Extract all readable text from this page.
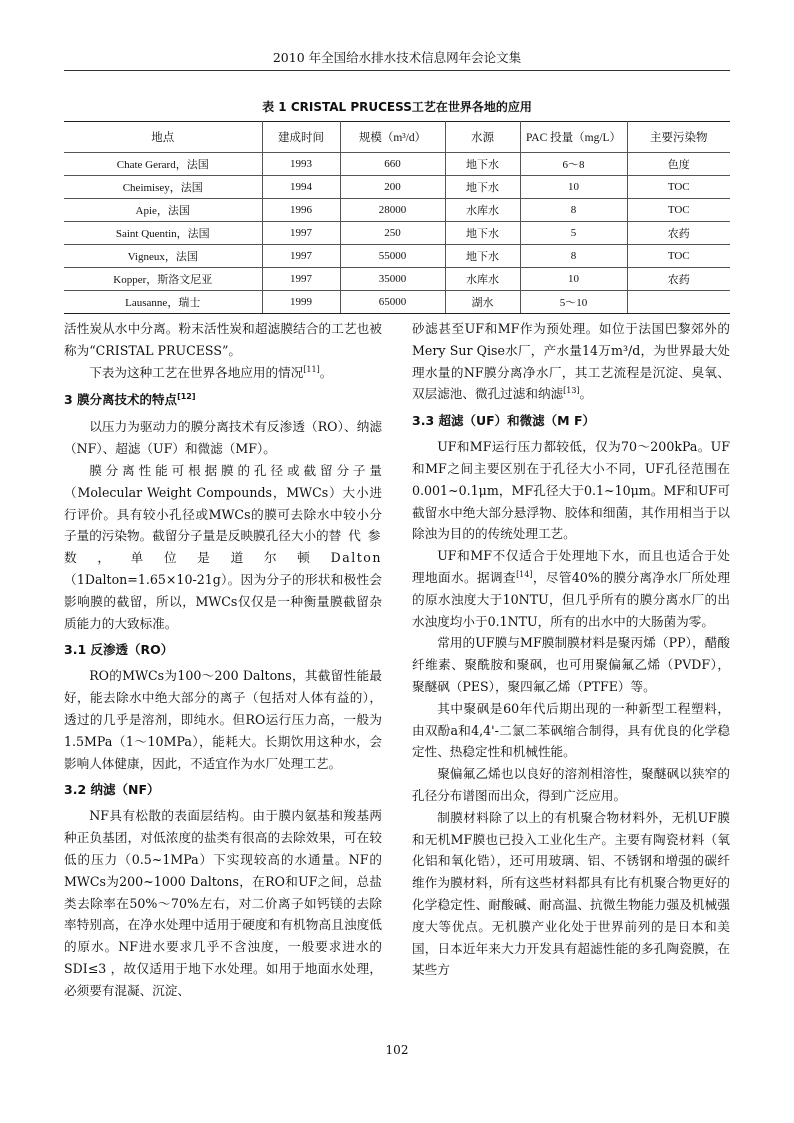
2010 年全国给水排水技术信息网年会论文集
表 1 CRISTAL PRUCESS工艺在世界各地的应用
地点	建成时间	规模（m³/d）	水源	PAC 投量（mg/L）	主要污染物
Chate Gerard，法国	1993	660	地下水	6～8	色度
Cheimisey，法国	1994	200	地下水	10	TOC
Apie，法国	1996	28000	水库水	8	TOC
Saint Quentin，法国	1997	250	地下水	5	农药
Vigneux，法国	1997	55000	地下水	8	TOC
Kopper，斯洛文尼亚	1997	35000	水库水	10	农药
Lausanne，瑞士	1999	65000	湖水	5～10	

活性炭从水中分离。粉末活性炭和超滤膜结合的工艺也被称为“CRISTAL PRUCESS”。

下表为这种工艺在世界各地应用的情况[11]。

3 膜分离技术的特点[12]

以压力为驱动力的膜分离技术有反渗透（RO）、纳滤（NF）、超滤（UF）和微滤（MF）。

膜分离性能可根据膜的孔径或截留分子量（Molecular Weight Compounds，MWCs）大小进行评价。具有较小孔径或MWCs的膜可去除水中较小分子量的污染物。截留分子量是反映膜孔径大小的替 代 参 数 ， 单 位 是 道 尔 顿 Dalton（1Dalton=1.65×10-21g）。因为分子的形状和极性会影响膜的截留，所以，MWCs仅仅是一种衡量膜截留杂质能力的大致标准。

3.1 反渗透（RO）

RO的MWCs为100～200 Daltons，其截留性能最好，能去除水中绝大部分的离子（包括对人体有益的），透过的几乎是溶剂，即纯水。但RO运行压力高，一般为1.5MPa（1～10MPa），能耗大。长期饮用这种水，会影响人体健康，因此，不适宜作为水厂处理工艺。

3.2 纳滤（NF）

NF具有松散的表面层结构。由于膜内氨基和羧基两种正负基团，对低浓度的盐类有很高的去除效果，可在较低的压力（0.5~1MPa）下实现较高的水通量。NF的MWCs为200~1000 Daltons，在RO和UF之间，总盐类去除率在50%～70%左右，对二价离子如钙镁的去除率特别高，在净水处理中适用于硬度和有机物高且浊度低的原水。NF进水要求几乎不含浊度，一般要求进水的SDI≤3 ，故仅适用于地下水处理。如用于地面水处理，必须要有混凝、沉淀、

砂滤甚至UF和MF作为预处理。如位于法国巴黎郊外的Mery Sur Qise水厂，产水量14万m³/d，为世界最大处理水量的NF膜分离净水厂，其工艺流程是沉淀、臭氧、双层滤池、微孔过滤和纳滤[13]。

3.3 超滤（UF）和微滤（M F）

UF和MF运行压力都较低，仅为70～200kPa。UF和MF之间主要区别在于孔径大小不同，UF孔径范围在0.001~0.1μm，MF孔径大于0.1~10μm。MF和UF可截留水中绝大部分悬浮物、胶体和细菌，其作用相当于以除浊为目的的传统处理工艺。

UF和MF不仅适合于处理地下水，而且也适合于处理地面水。据调查[14]，尽管40%的膜分离净水厂所处理的原水浊度大于10NTU，但几乎所有的膜分离水厂的出水浊度均小于0.1NTU，所有的出水中的大肠菌为零。

常用的UF膜与MF膜制膜材料是聚丙烯（PP），醋酸纤维素、聚酰胺和聚砜，也可用聚偏氟乙烯（PVDF），聚醚砜（PES），聚四氟乙烯（PTFE）等。

其中聚砜是60年代后期出现的一种新型工程塑料，由双酚a和4,4'-二氯二苯砜缩合制得，具有优良的化学稳定性、热稳定性和机械性能。

聚偏氟乙烯也以良好的溶剂相溶性，聚醚砜以狭窄的孔径分布谱图而出众，得到广泛应用。

制膜材料除了以上的有机聚合物材料外，无机UF膜和无机MF膜也已投入工业化生产。主要有陶瓷材料（氧化铝和氧化锆），还可用玻璃、铝、不锈钢和增强的碳纤维作为膜材料，所有这些材料都具有比有机聚合物更好的化学稳定性、耐酸碱、耐高温、抗微生物能力强及机械强度大等优点。无机膜产业化处于世界前列的是日本和美国，日本近年来大力开发具有超滤性能的多孔陶瓷膜，在某些方

102
